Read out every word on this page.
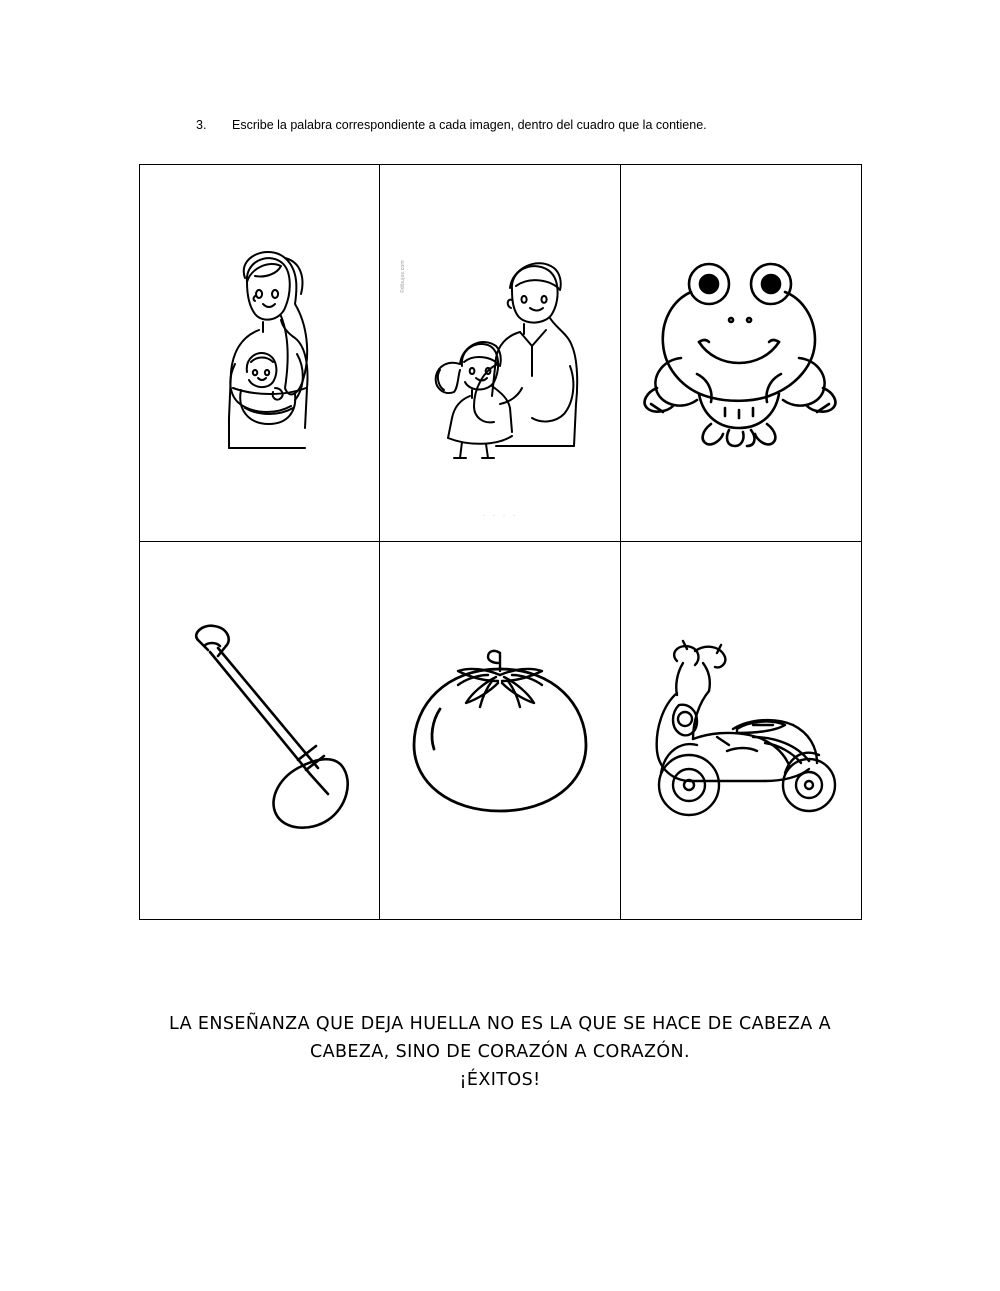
3. Escribe la palabra correspondiente a cada imagen, dentro del cuadro que la contiene.
©dibujos.com
. . . .
LA ENSEÑANZA QUE DEJA HUELLA NO ES LA QUE SE HACE DE CABEZA A
CABEZA, SINO DE CORAZÓN A CORAZÓN.
¡ÉXITOS!
